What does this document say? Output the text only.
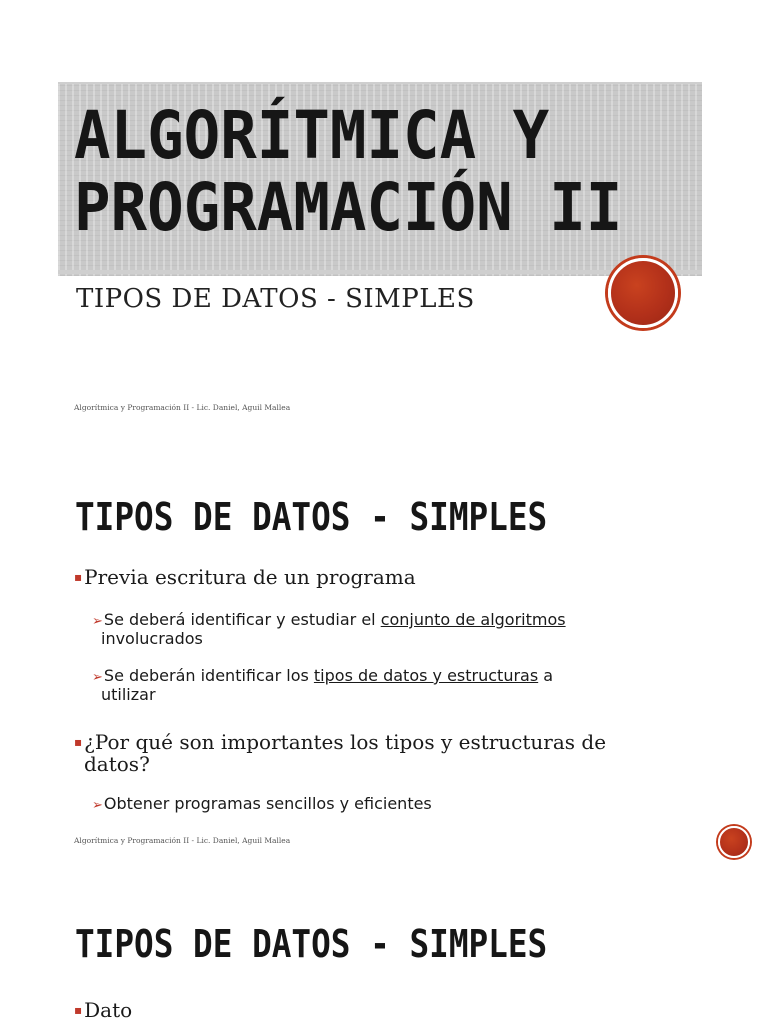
ALGORÍTMICA Y
PROGRAMACIÓN II
TIPOS DE DATOS - SIMPLES
Algorítmica y Programación II - Lic. Daniel, Aguil Mallea
TIPOS DE DATOS - SIMPLES
▪ Previa escritura de un programa
➢Se deberá identificar y estudiar el conjunto de algoritmos
involucrados
➢Se deberán identificar los tipos de datos y estructuras a
utilizar
▪ ¿Por qué son importantes los tipos y estructuras de
datos?
➢Obtener programas sencillos y eficientes
Algorítmica y Programación II - Lic. Daniel, Aguil Mallea
TIPOS DE DATOS - SIMPLES
▪ Dato
